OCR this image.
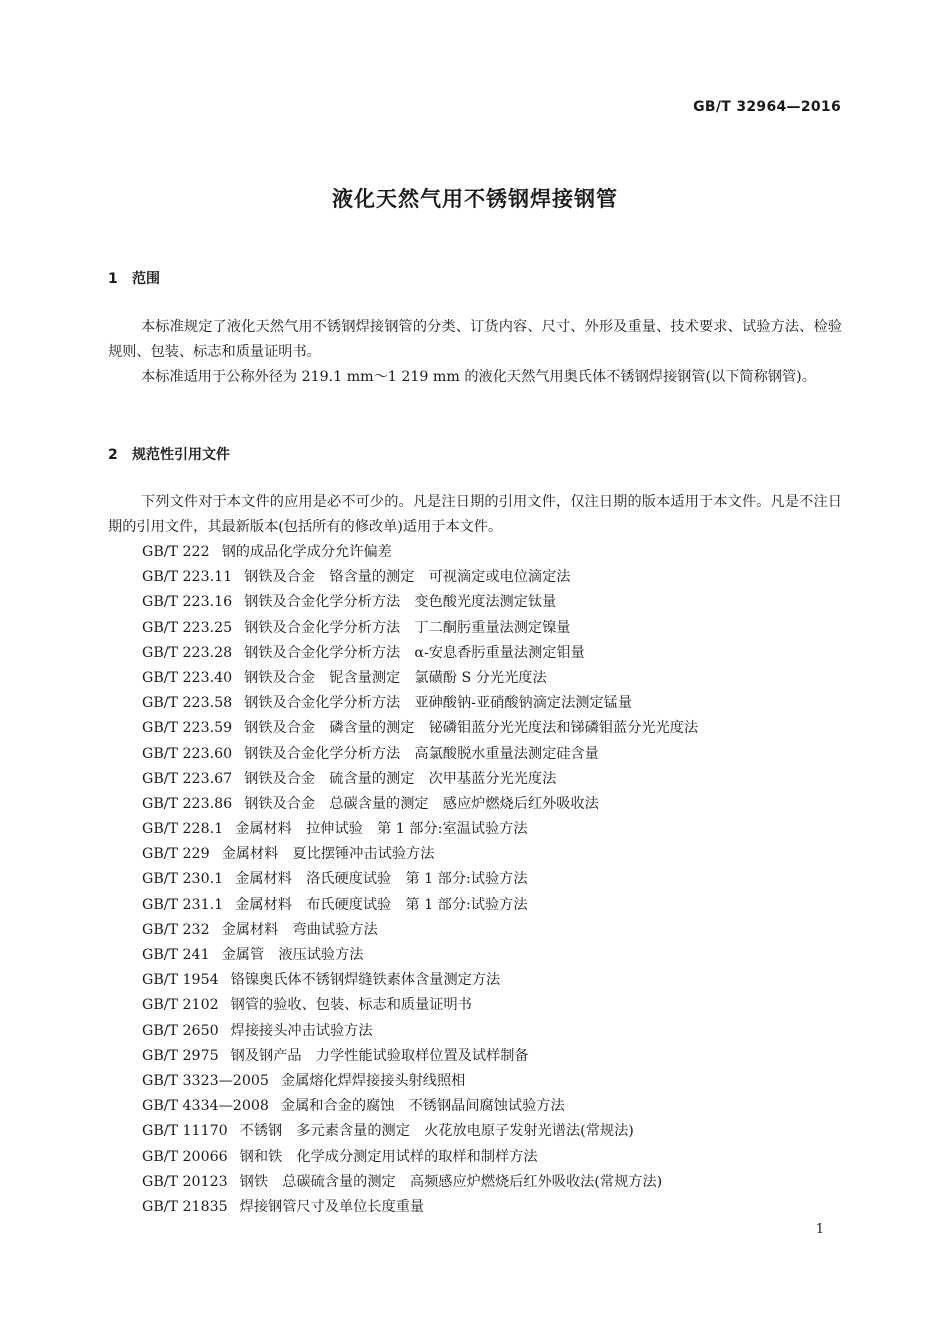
GB/T 32964—2016
液化天然气用不锈钢焊接钢管
1 范围

本标准规定了液化天然气用不锈钢焊接钢管的分类、订货内容、尺寸、外形及重量、技术要求、试验方法、检验规则、包装、标志和质量证明书。

本标准适用于公称外径为 219.1 mm～1 219 mm 的液化天然气用奥氏体不锈钢焊接钢管(以下简称钢管)。

2 规范性引用文件

下列文件对于本文件的应用是必不可少的。凡是注日期的引用文件，仅注日期的版本适用于本文件。凡是不注日期的引用文件，其最新版本(包括所有的修改单)适用于本文件。

GB/T 222 钢的成品化学成分允许偏差
GB/T 223.11 钢铁及合金　铬含量的测定　可视滴定或电位滴定法
GB/T 223.16 钢铁及合金化学分析方法　变色酸光度法测定钛量
GB/T 223.25 钢铁及合金化学分析方法　丁二酮肟重量法测定镍量
GB/T 223.28 钢铁及合金化学分析方法　α-安息香肟重量法测定钼量
GB/T 223.40 钢铁及合金　铌含量测定　氯磺酚 S 分光光度法
GB/T 223.58 钢铁及合金化学分析方法　亚砷酸钠-亚硝酸钠滴定法测定锰量
GB/T 223.59 钢铁及合金　磷含量的测定　铋磷钼蓝分光光度法和锑磷钼蓝分光光度法
GB/T 223.60 钢铁及合金化学分析方法　高氯酸脱水重量法测定硅含量
GB/T 223.67 钢铁及合金　硫含量的测定　次甲基蓝分光光度法
GB/T 223.86 钢铁及合金　总碳含量的测定　感应炉燃烧后红外吸收法
GB/T 228.1 金属材料　拉伸试验　第 1 部分:室温试验方法
GB/T 229 金属材料　夏比摆锤冲击试验方法
GB/T 230.1 金属材料　洛氏硬度试验　第 1 部分:试验方法
GB/T 231.1 金属材料　布氏硬度试验　第 1 部分:试验方法
GB/T 232 金属材料　弯曲试验方法
GB/T 241 金属管　液压试验方法
GB/T 1954 铬镍奥氏体不锈钢焊缝铁素体含量测定方法
GB/T 2102 钢管的验收、包装、标志和质量证明书
GB/T 2650 焊接接头冲击试验方法
GB/T 2975 钢及钢产品　力学性能试验取样位置及试样制备
GB/T 3323—2005 金属熔化焊焊接接头射线照相
GB/T 4334—2008 金属和合金的腐蚀　不锈钢晶间腐蚀试验方法
GB/T 11170 不锈钢　多元素含量的测定　火花放电原子发射光谱法(常规法)
GB/T 20066 钢和铁　化学成分测定用试样的取样和制样方法
GB/T 20123 钢铁　总碳硫含量的测定　高频感应炉燃烧后红外吸收法(常规方法)
GB/T 21835 焊接钢管尺寸及单位长度重量
1
